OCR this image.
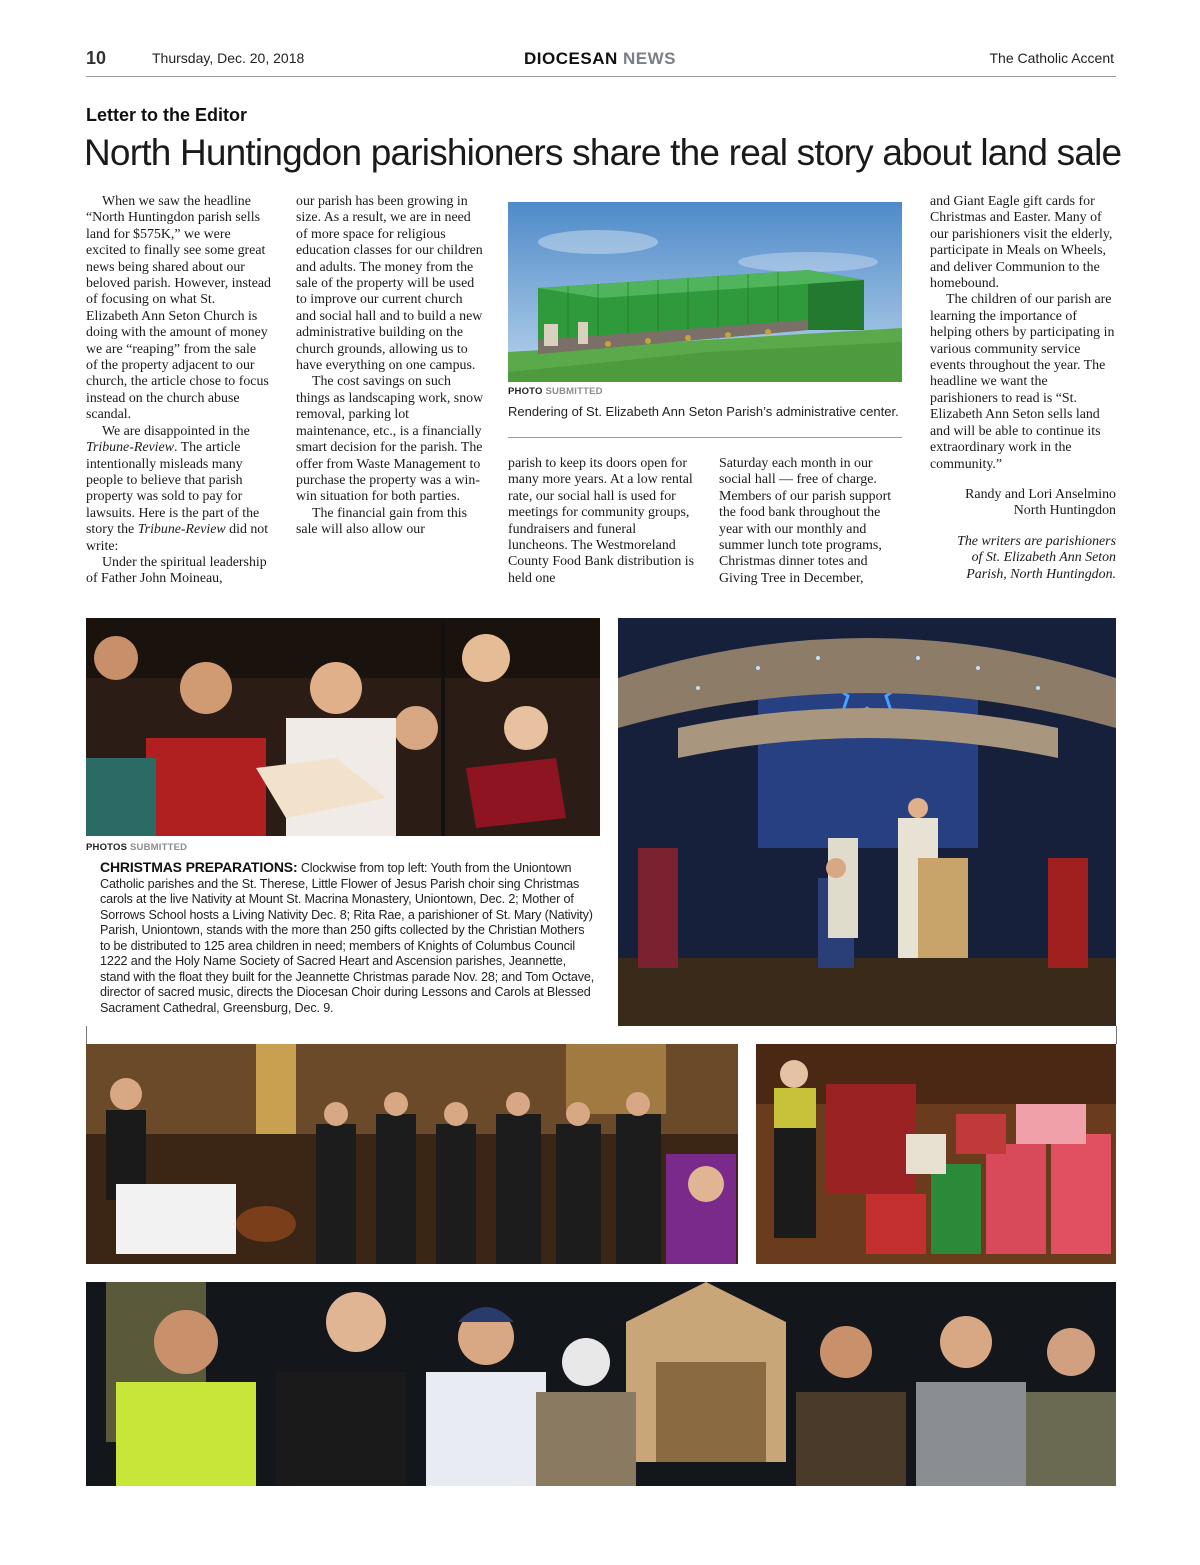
10	Thursday, Dec. 20, 2018	DIOCESAN NEWS	The Catholic Accent
Letter to the Editor
North Huntingdon parishioners share the real story about land sale

When we saw the headline “North Huntingdon parish sells land for $575K,” we were excited to finally see some great news being shared about our beloved parish. However, instead of focusing on what St. Elizabeth Ann Seton Church is doing with the amount of money we are “reaping” from the sale of the property adjacent to our church, the article chose to focus instead on the church abuse scandal.

We are disappointed in the Tribune-Review. The article intentionally misleads many people to believe that parish property was sold to pay for lawsuits. Here is the part of the story the Tribune-Review did not write:

Under the spiritual leadership of Father John Moineau,

our parish has been growing in size. As a result, we are in need of more space for religious education classes for our children and adults. The money from the sale of the property will be used to improve our current church and social hall and to build a new administrative building on the church grounds, allowing us to have everything on one campus.

The cost savings on such things as landscaping work, snow removal, parking lot maintenance, etc., is a financially smart decision for the parish. The offer from Waste Management to purchase the property was a win-win situation for both parties.

The financial gain from this sale will also allow our

PHOTO SUBMITTED
Rendering of St. Elizabeth Ann Seton Parish’s administrative center.

parish to keep its doors open for many more years. At a low rental rate, our social hall is used for meetings for community groups, fundraisers and funeral luncheons. The Westmoreland County Food Bank distribution is held one

Saturday each month in our social hall — free of charge. Members of our parish support the food bank throughout the year with our monthly and summer lunch tote programs, Christmas dinner totes and Giving Tree in December,

and Giant Eagle gift cards for Christmas and Easter. Many of our parishioners visit the elderly, participate in Meals on Wheels, and deliver Communion to the homebound.

The children of our parish are learning the importance of helping others by participating in various community service events throughout the year. The headline we want the parishioners to read is “St. Elizabeth Ann Seton sells land and will be able to continue its extraordinary work in the community.”

Randy and Lori Anselmino
North Huntingdon
The writers are parishioners
of St. Elizabeth Ann Seton
Parish, North Huntingdon.
PHOTOS SUBMITTED
CHRISTMAS PREPARATIONS: Clockwise from top left: Youth from the Uniontown Catholic parishes and the St. Therese, Little Flower of Jesus Parish choir sing Christmas carols at the live Nativity at Mount St. Macrina Monastery, Uniontown, Dec. 2; Mother of Sorrows School hosts a Living Nativity Dec. 8; Rita Rae, a parishioner of St. Mary (Nativity) Parish, Uniontown, stands with the more than 250 gifts collected by the Christian Mothers to be distributed to 125 area children in need; members of Knights of Columbus Council 1222 and the Holy Name Society of Sacred Heart and Ascension parishes, Jeannette, stand with the float they built for the Jeannette Christmas parade Nov. 28; and Tom Octave, director of sacred music, directs the Diocesan Choir during Lessons and Carols at Blessed Sacrament Cathedral, Greensburg, Dec. 9.
